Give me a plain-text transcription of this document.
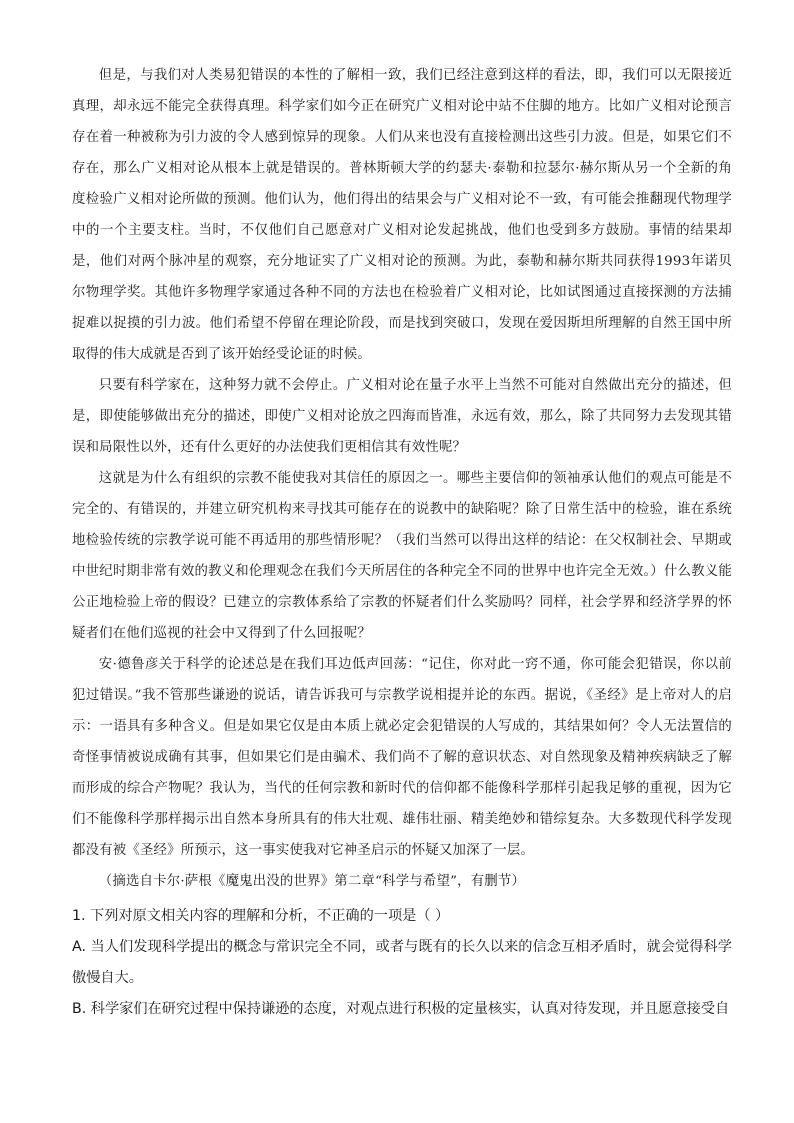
但是，与我们对人类易犯错误的本性的了解相一致，我们已经注意到这样的看法，即，我们可以无限接近真理，却永远不能完全获得真理。科学家们如今正在研究广义相对论中站不住脚的地方。比如广义相对论预言存在着一种被称为引力波的令人感到惊异的现象。人们从来也没有直接检测出这些引力波。但是，如果它们不存在，那么广义相对论从根本上就是错误的。普林斯顿大学的约瑟夫·泰勒和拉瑟尔·赫尔斯从另一个全新的角度检验广义相对论所做的预测。他们认为，他们得出的结果会与广义相对论不一致，有可能会推翻现代物理学中的一个主要支柱。当时，不仅他们自己愿意对广义相对论发起挑战，他们也受到多方鼓励。事情的结果却是，他们对两个脉冲星的观察，充分地证实了广义相对论的预测。为此，泰勒和赫尔斯共同获得1993年诺贝尔物理学奖。其他许多物理学家通过各种不同的方法也在检验着广义相对论，比如试图通过直接探测的方法捕捉难以捉摸的引力波。他们希望不停留在理论阶段，而是找到突破口，发现在爱因斯坦所理解的自然王国中所取得的伟大成就是否到了该开始经受论证的时候。

只要有科学家在，这种努力就不会停止。广义相对论在量子水平上当然不可能对自然做出充分的描述，但是，即使能够做出充分的描述，即使广义相对论放之四海而皆准，永远有效，那么，除了共同努力去发现其错误和局限性以外，还有什么更好的办法使我们更相信其有效性呢？

这就是为什么有组织的宗教不能使我对其信任的原因之一。哪些主要信仰的领袖承认他们的观点可能是不完全的、有错误的，并建立研究机构来寻找其可能存在的说教中的缺陷呢？除了日常生活中的检验，谁在系统地检验传统的宗教学说可能不再适用的那些情形呢？（我们当然可以得出这样的结论：在父权制社会、早期或中世纪时期非常有效的教义和伦理观念在我们今天所居住的各种完全不同的世界中也许完全无效。）什么教义能公正地检验上帝的假设？已建立的宗教体系给了宗教的怀疑者们什么奖励吗？同样，社会学界和经济学界的怀疑者们在他们巡视的社会中又得到了什么回报呢？

安·德鲁彦关于科学的论述总是在我们耳边低声回荡：“记住，你对此一窍不通，你可能会犯错误，你以前犯过错误。”我不管那些谦逊的说话，请告诉我可与宗教学说相提并论的东西。据说，《圣经》是上帝对人的启示：一语具有多种含义。但是如果它仅是由本质上就必定会犯错误的人写成的，其结果如何？令人无法置信的奇怪事情被说成确有其事，但如果它们是由骗术、我们尚不了解的意识状态、对自然现象及精神疾病缺乏了解而形成的综合产物呢？我认为，当代的任何宗教和新时代的信仰都不能像科学那样引起我足够的重视，因为它们不能像科学那样揭示出自然本身所具有的伟大壮观、雄伟壮丽、精美绝妙和错综复杂。大多数现代科学发现都没有被《圣经》所预示，这一事实使我对它神圣启示的怀疑又加深了一层。

（摘选自卡尔·萨根《魔鬼出没的世界》第二章“科学与希望”，有删节）

1. 下列对原文相关内容的理解和分析，不正确的一项是（ ）

A. 当人们发现科学提出的概念与常识完全不同，或者与既有的长久以来的信念互相矛盾时，就会觉得科学傲慢自大。

B. 科学家们在研究过程中保持谦逊的态度，对观点进行积极的定量核实，认真对待发现，并且愿意接受自
